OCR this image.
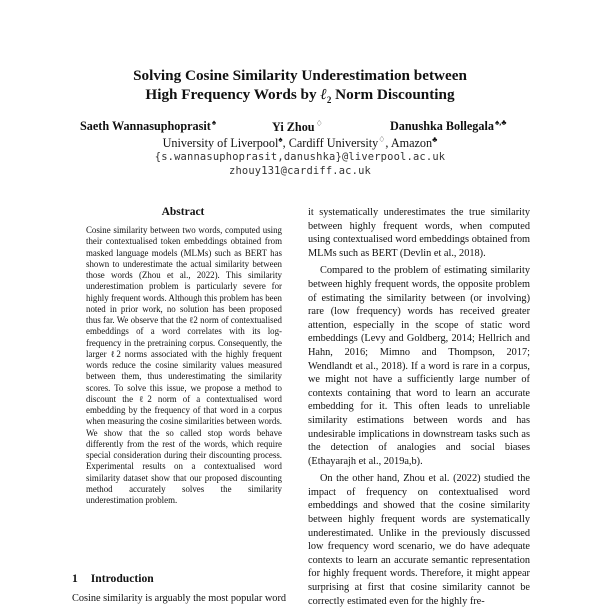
Solving Cosine Similarity Underestimation between
High Frequency Words by ℓ$_2$ Norm Discounting
Saeth Wannasuphoprasit♠	Yi Zhou♢	Danushka Bollegala♠,♣
University of Liverpool♠, Cardiff University♢, Amazon♣
{s.wannasuphoprasit,danushka}@liverpool.ac.uk
zhouy131@cardiff.ac.uk
Abstract
Cosine similarity between two words, computed using their contextualised token embeddings obtained from masked language models (MLMs) such as BERT has shown to underestimate the actual similarity between those words (Zhou et al., 2022). This similarity underestimation problem is particularly severe for highly frequent words. Although this problem has been noted in prior work, no solution has been proposed thus far. We observe that the ℓ2 norm of contextualised embeddings of a word correlates with its log-frequency in the pretraining corpus. Consequently, the larger ℓ2 norms associated with the highly frequent words reduce the cosine similarity values measured between them, thus underestimating the similarity scores. To solve this issue, we propose a method to discount the ℓ2 norm of a contextualised word embedding by the frequency of that word in a corpus when measuring the cosine similarities between words. We show that the so called stop words behave differently from the rest of the words, which require special consideration during their discounting process. Experimental results on a contextualised word similarity dataset show that our proposed discounting method accurately solves the similarity underestimation problem.
1 Introduction
Cosine similarity is arguably the most popular word

it systematically underestimates the true similarity between highly frequent words, when computed using contextualised word embeddings obtained from MLMs such as BERT (Devlin et al., 2018).

Compared to the problem of estimating similarity between highly frequent words, the opposite problem of estimating the similarity between (or involving) rare (low frequency) words has received greater attention, especially in the scope of static word embeddings (Levy and Goldberg, 2014; Hellrich and Hahn, 2016; Mimno and Thompson, 2017; Wendlandt et al., 2018). If a word is rare in a corpus, we might not have a sufficiently large number of contexts containing that word to learn an accurate embedding for it. This often leads to unreliable similarity estimations between words and has undesirable implications in downstream tasks such as the detection of analogies and social biases (Ethayarajh et al., 2019a,b).

On the other hand, Zhou et al. (2022) studied the impact of frequency on contextualised word embeddings and showed that the cosine similarity between highly frequent words are systematically underestimated. Unlike in the previously discussed low frequency word scenario, we do have adequate contexts to learn an accurate semantic representation for highly frequent words. Therefore, it might appear surprising at first that cosine similarity cannot be correctly estimated even for the highly fre-
